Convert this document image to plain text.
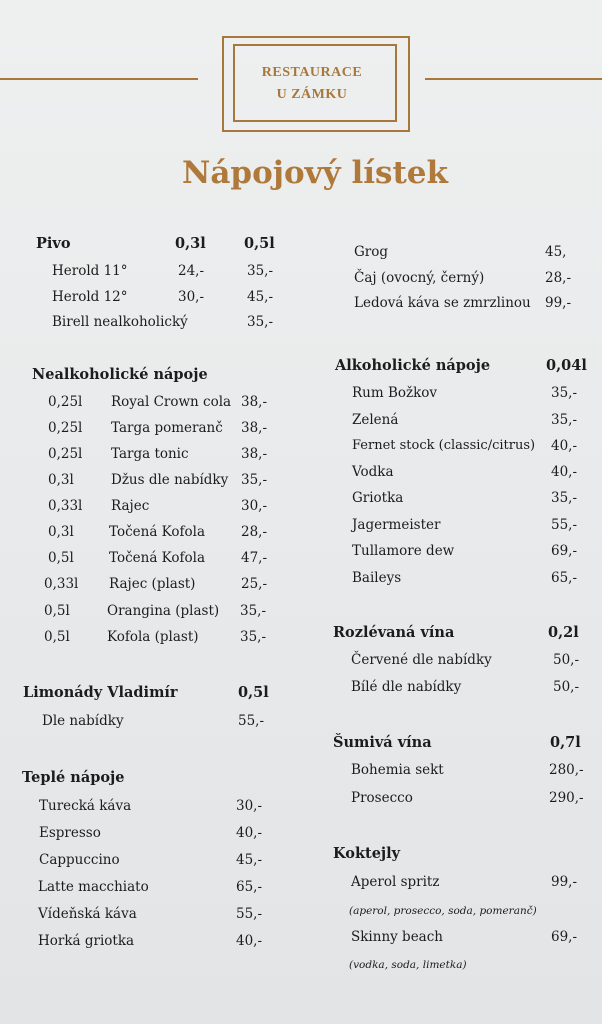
RESTAURACE
U ZÁMKU
Nápojový lístek
Pivo	0,3l	0,5l
Herold 11°	24,-	35,-
Herold 12°	30,-	45,-
Birell nealkoholický	35,-
Nealkoholické nápoje
0,25l Royal Crown cola 38,-
0,25l Targa pomeranč 38,-
0,25l Targa tonic	38,-
0,3l	Džus dle nabídky 35,-
0,33l Rajec	30,-
0,3l	Točená Kofola	28,-
0,5l	Točená Kofola	47,-
0,33l Rajec (plast)	25,-
0,5l	Orangina (plast) 35,-
0,5l	Kofola (plast)	35,-
Limonády Vladimír	0,5l
Dle nabídky	55,-
Teplé nápoje
Turecká káva	30,-
Espresso	40,-
Cappuccino	45,-
Latte macchiato	65,-
Vídeňská káva	55,-
Horká griotka	40,-
Grog	45,
Čaj (ovocný, černý)	28,-
Ledová káva se zmrzlinou 99,-
Alkoholické nápoje	0,04l
Rum Božkov	35,-
Zelená	35,-
Fernet stock (classic/citrus) 40,-
Vodka	40,-
Griotka	35,-
Jagermeister	55,-
Tullamore dew	69,-
Baileys	65,-
Rozlévaná vína	0,2l
Červené dle nabídky	50,-
Bílé dle nabídky	50,-
Šumivá vína	0,7l
Bohemia sekt	280,-
Prosecco	290,-
Koktejly
Aperol spritz	99,-
(aperol, prosecco, soda, pomeranč)
Skinny beach	69,-
(vodka, soda, limetka)
